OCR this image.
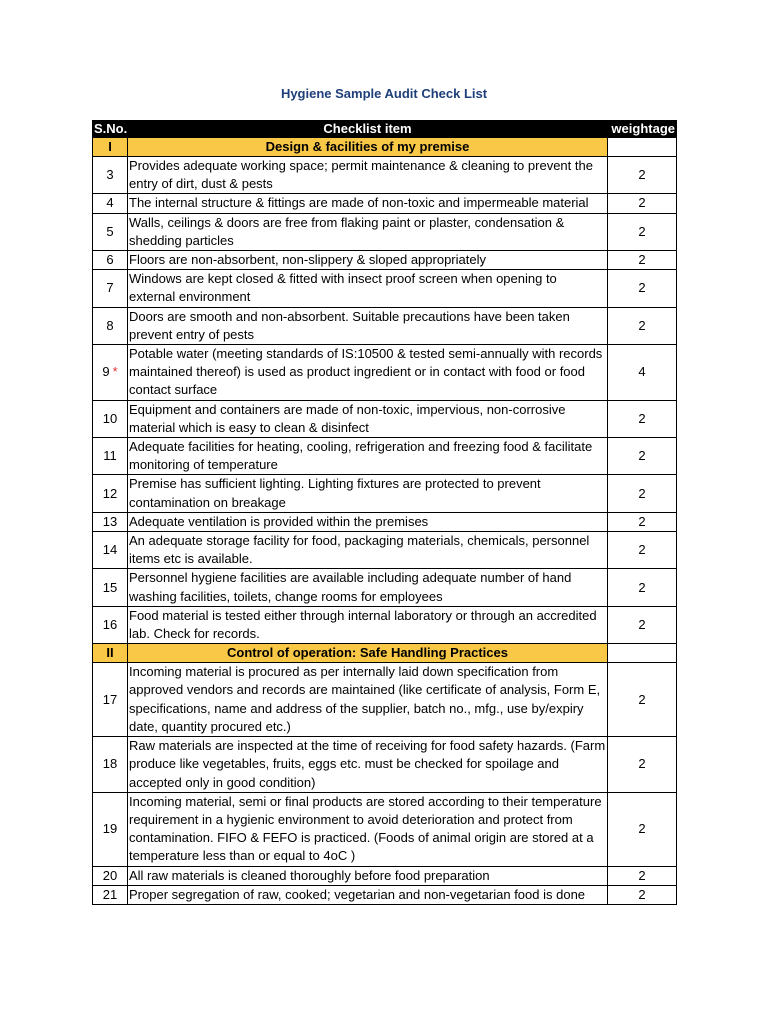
Hygiene Sample Audit Check List
S.No.	Checklist item	weightage
I	Design & facilities of my premise	
3	Provides adequate working space; permit maintenance & cleaning to prevent the entry of dirt, dust & pests	2
4	The internal structure & fittings are made of non-toxic and impermeable material	2
5	Walls, ceilings & doors are free from flaking paint or plaster, condensation & shedding particles	2
6	Floors are non-absorbent, non-slippery & sloped appropriately	2
7	Windows are kept closed & fitted with insect proof screen when opening to external environment	2
8	Doors are smooth and non-absorbent. Suitable precautions have been taken prevent entry of pests	2
9 *	Potable water (meeting standards of IS:10500 & tested semi-annually with records maintained thereof) is used as product ingredient or in contact with food or food contact surface	4
10	Equipment and containers are made of non-toxic, impervious, non-corrosive material which is easy to clean & disinfect	2
11	Adequate facilities for heating, cooling, refrigeration and freezing food & facilitate monitoring of temperature	2
12	Premise has sufficient lighting. Lighting fixtures are protected to prevent contamination on breakage	2
13	Adequate ventilation is provided within the premises	2
14	An adequate storage facility for food, packaging materials, chemicals, personnel items etc is available.	2
15	Personnel hygiene facilities are available including adequate number of hand washing facilities, toilets, change rooms for employees	2
16	Food material is tested either through internal laboratory or through an accredited lab. Check for records.	2
II	Control of operation: Safe Handling Practices	
17	Incoming material is procured as per internally laid down specification from approved vendors and records are maintained (like certificate of analysis, Form E, specifications, name and address of the supplier, batch no., mfg., use by/expiry date, quantity procured etc.)	2
18	Raw materials are inspected at the time of receiving for food safety hazards. (Farm produce like vegetables, fruits, eggs etc. must be checked for spoilage and accepted only in good condition)	2
19	Incoming material, semi or final products are stored according to their temperature requirement in a hygienic environment to avoid deterioration and protect from contamination. FIFO & FEFO is practiced. (Foods of animal origin are stored at a temperature less than or equal to 4oC )	2
20	All raw materials is cleaned thoroughly before food preparation	2
21	Proper segregation of raw, cooked; vegetarian and non-vegetarian food is done	2
